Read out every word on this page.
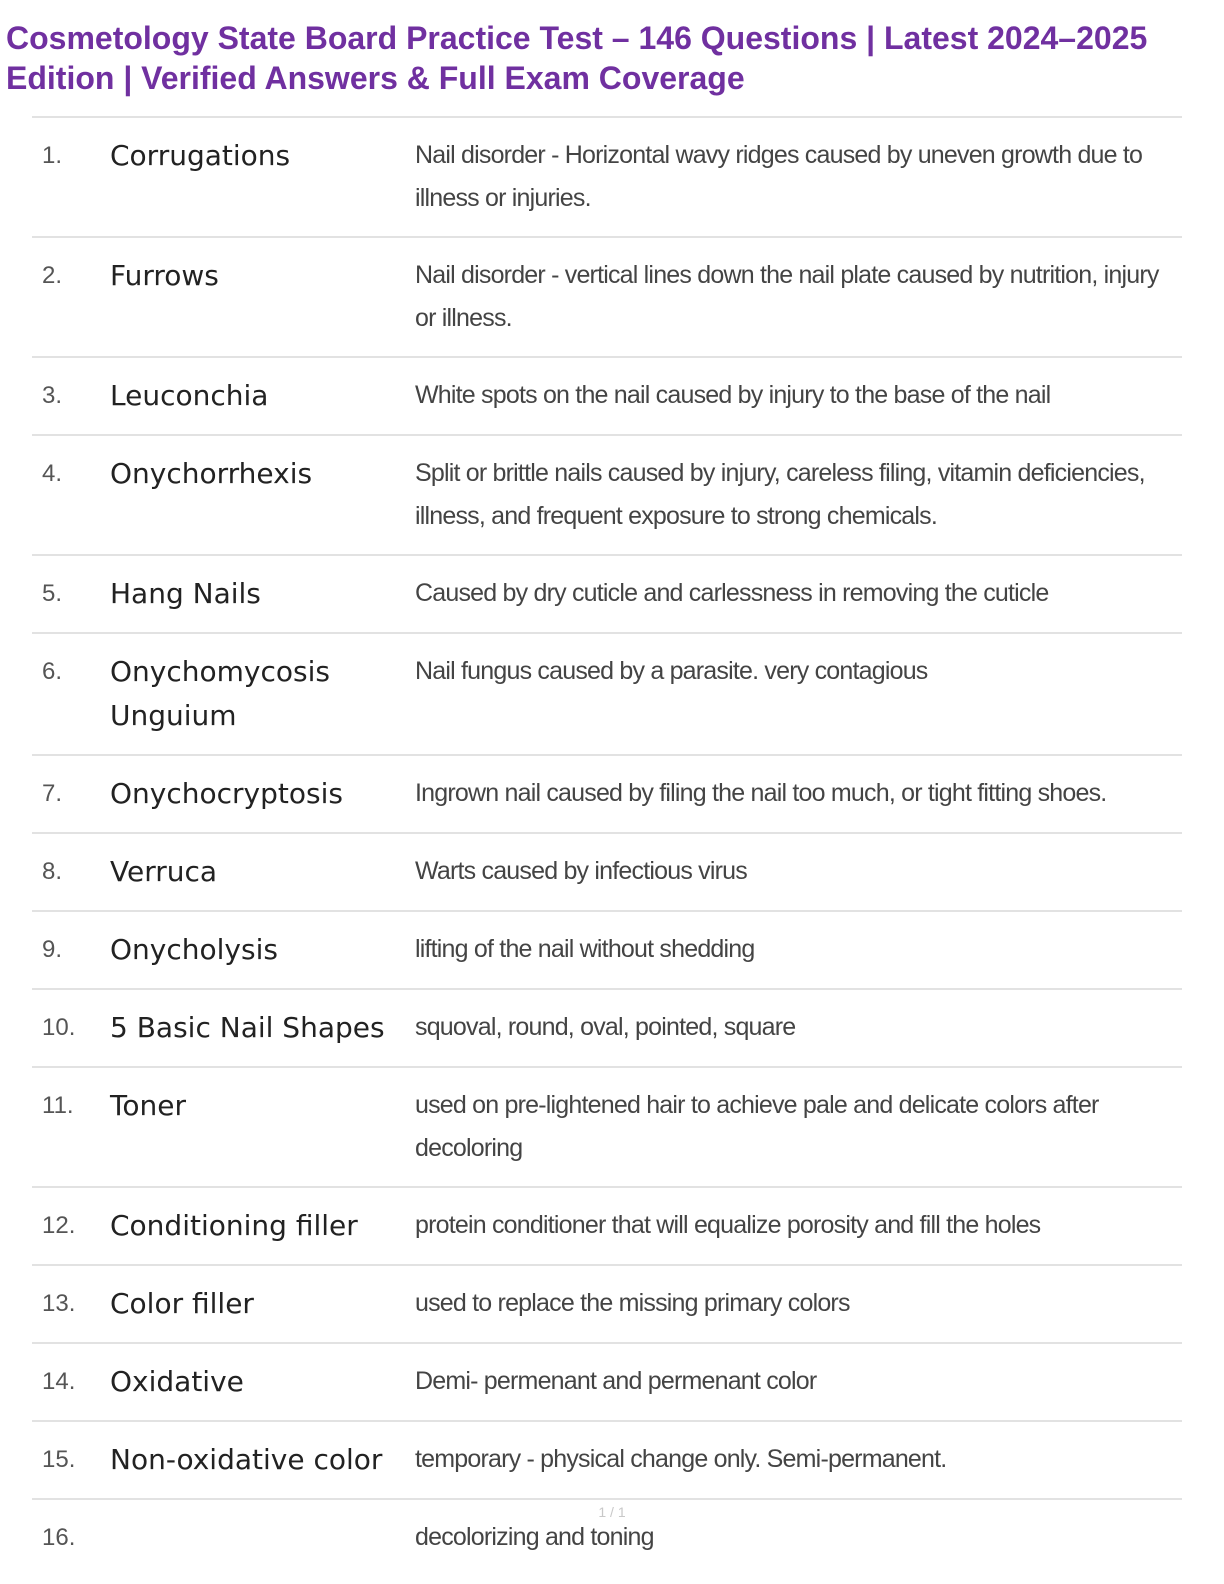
Cosmetology State Board Practice Test – 146 Questions | Latest 2024–2025 Edition | Verified Answers & Full Exam Coverage
1.	Corrugations	Nail disorder - Horizontal wavy ridges caused by uneven growth due to illness or injuries.
2.	Furrows	Nail disorder - vertical lines down the nail plate caused by nutrition, injury or illness.
3.	Leuconchia	White spots on the nail caused by injury to the base of the nail
4.	Onychorrhexis	Split or brittle nails caused by injury, careless filing, vitamin deficiencies, illness, and frequent exposure to strong chemicals.
5.	Hang Nails	Caused by dry cuticle and carlessness in removing the cuticle
6.	Onychomycosis Unguium	Nail fungus caused by a parasite. very contagious
7.	Onychocryptosis	Ingrown nail caused by filing the nail too much, or tight fitting shoes.
8.	Verruca	Warts caused by infectious virus
9.	Onycholysis	lifting of the nail without shedding
10.	5 Basic Nail Shapes	squoval, round, oval, pointed, square
11.	Toner	used on pre-lightened hair to achieve pale and delicate colors after decoloring
12.	Conditioning filler	protein conditioner that will equalize porosity and fill the holes
13.	Color filler	used to replace the missing primary colors
14.	Oxidative	Demi- permenant and permenant color
15.	Non-oxidative color	temporary - physical change only. Semi-permanent.
16.		decolorizing and toning
1 / 1
